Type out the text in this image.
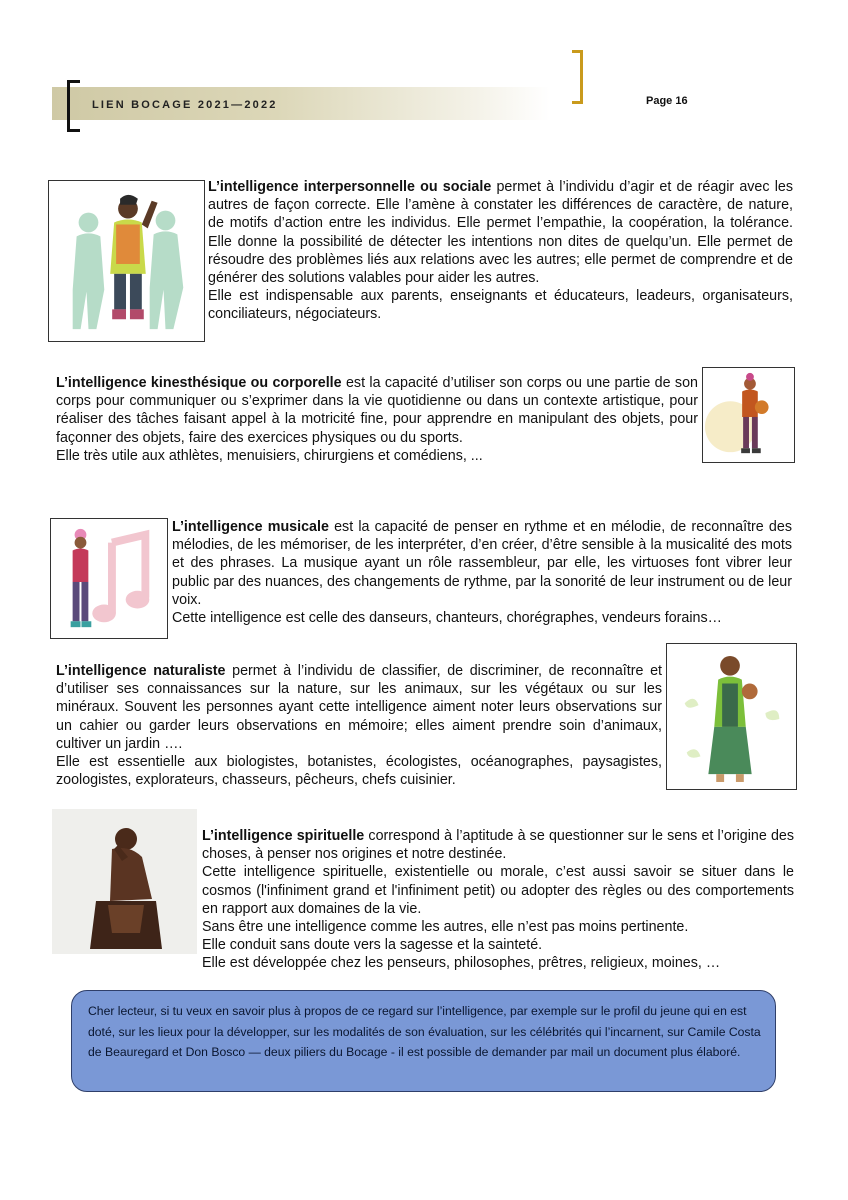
LIEN BOCAGE 2021—2022	Page 16

L’intelligence interpersonnelle ou sociale permet à l’individu d’agir et de réagir avec les autres de façon correcte. Elle l’amène à constater les différences de caractère, de nature, de motifs d’action entre les individus. Elle permet l’empathie, la coopération, la tolérance. Elle donne la possibilité de détecter les intentions non dites de quelqu’un. Elle permet de résoudre des problèmes liés aux relations avec les autres; elle permet de comprendre et de générer des solutions valables pour aider les autres.

Elle est indispensable aux parents, enseignants et éducateurs, leadeurs, organisateurs, conciliateurs, négociateurs.

L’intelligence kinesthésique ou corporelle est la capacité d’utiliser son corps ou une partie de son corps pour communiquer ou s’exprimer dans la vie quotidienne ou dans un contexte artistique, pour réaliser des tâches faisant appel à la motricité fine, pour apprendre en manipulant des objets, pour façonner des objets, faire des exercices physiques ou du sports.

Elle très utile aux athlètes, menuisiers, chirurgiens et comédiens, ...

L’intelligence musicale est la capacité de penser en rythme et en mélodie, de reconnaître des mélodies, de les mémoriser, de les interpréter, d’en créer, d’être sensible à la musicalité des mots et des phrases. La musique ayant un rôle rassembleur, par elle, les virtuoses font vibrer leur public par des nuances, des changements de rythme, par la sonorité de leur instrument ou de leur voix.

Cette intelligence est celle des danseurs, chanteurs, chorégraphes, vendeurs forains…

L’intelligence naturaliste permet à l’individu de classifier, de discriminer, de reconnaître et d’utiliser ses connaissances sur la nature, sur les animaux, sur les végétaux ou sur les minéraux. Souvent les personnes ayant cette intelligence aiment noter leurs observations sur un cahier ou garder leurs observations en mémoire; elles aiment prendre soin d’animaux, cultiver un jardin ….

Elle est essentielle aux biologistes, botanistes, écologistes, océanographes, paysagistes, zoologistes, explorateurs, chasseurs, pêcheurs, chefs cuisinier.

L’intelligence spirituelle correspond à l’aptitude à se questionner sur le sens et l’origine des choses, à penser nos origines et notre destinée.

Cette intelligence spirituelle, existentielle ou morale, c’est aussi savoir se situer dans le cosmos (l'infiniment grand et l'infiniment petit) ou adopter des règles ou des comportements en rapport aux domaines de la vie.

Sans être une intelligence comme les autres, elle n’est pas moins pertinente.

Elle conduit sans doute vers la sagesse et la sainteté.

Elle est développée chez les penseurs, philosophes, prêtres, religieux, moines, …

Cher lecteur, si tu veux en savoir plus à propos de ce regard sur l’intelligence, par exemple sur le profil du jeune qui en est doté, sur les lieux pour la développer, sur les modalités de son évaluation, sur les célébrités qui l’incarnent, sur Camile Costa de Beauregard et Don Bosco — deux piliers du Bocage - il est possible de demander par mail un document plus élaboré.
